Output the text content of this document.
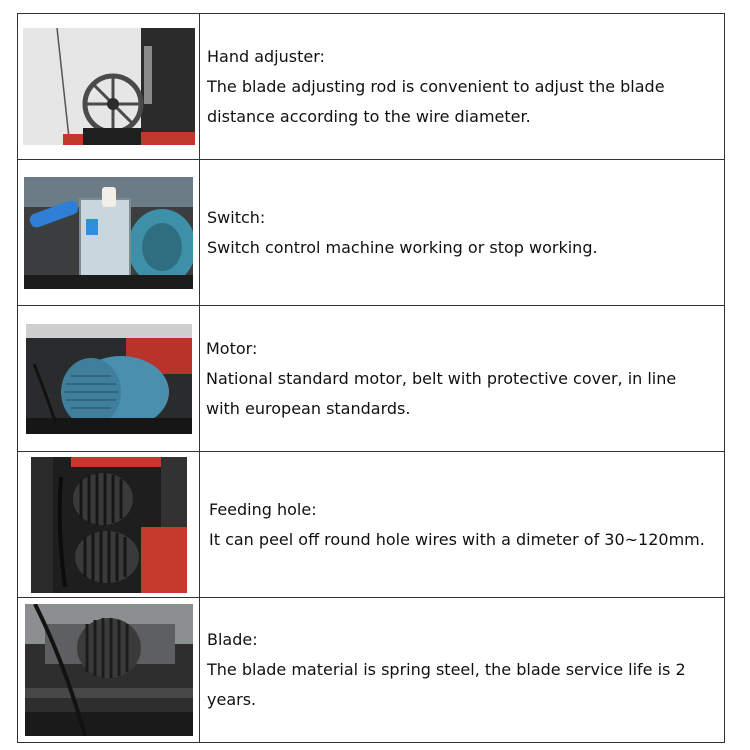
Hand adjuster:
The blade adjusting rod is convenient to adjust the blade distance according to the wire diameter.

Switch:
Switch control machine working or stop working.

Motor:
National standard motor, belt with protective cover, in line with european standards.

Feeding hole:
It can peel off round hole wires with a dimeter of 30~120mm.

Blade:
The blade material is spring steel, the blade service life is 2 years.
